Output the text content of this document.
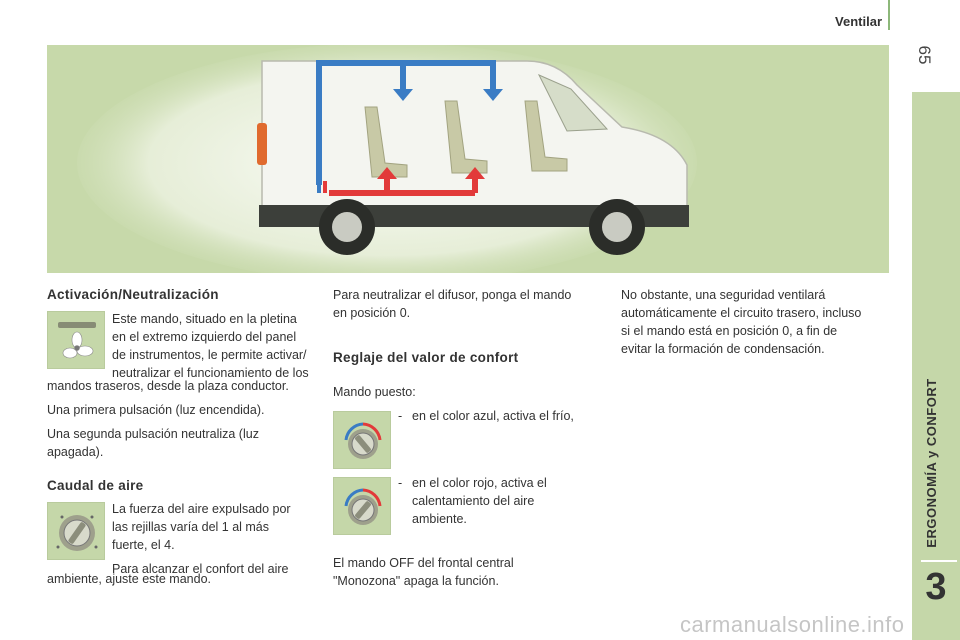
Ventilar
65
ERGONOMÍA y CONFORT
3
Activación/Neutralización
Este mando, situado en la pletina
en el extremo izquierdo del panel
de instrumentos, le permite activar/
neutralizar el funcionamiento de los

mandos traseros, desde la plaza conductor.

Una primera pulsación (luz encendida).

Una segunda pulsación neutraliza (luz
apagada).
Caudal de aire
La fuerza del aire expulsado por
las rejillas varía del 1 al más
fuerte, el 4.
Para alcanzar el confort del aire
ambiente, ajuste este mando.
Para neutralizar el difusor, ponga el mando
en posición 0.
Reglaje del valor de confort
Mando puesto:
- en el color azul, activa el frío,
- en el color rojo, activa el
calentamiento del aire
ambiente.
El mando OFF del frontal central
"Monozona" apaga la función.
No obstante, una seguridad ventilará
automáticamente el circuito trasero, incluso
si el mando está en posición 0, a fin de
evitar la formación de condensación.
carmanualsonline.info
